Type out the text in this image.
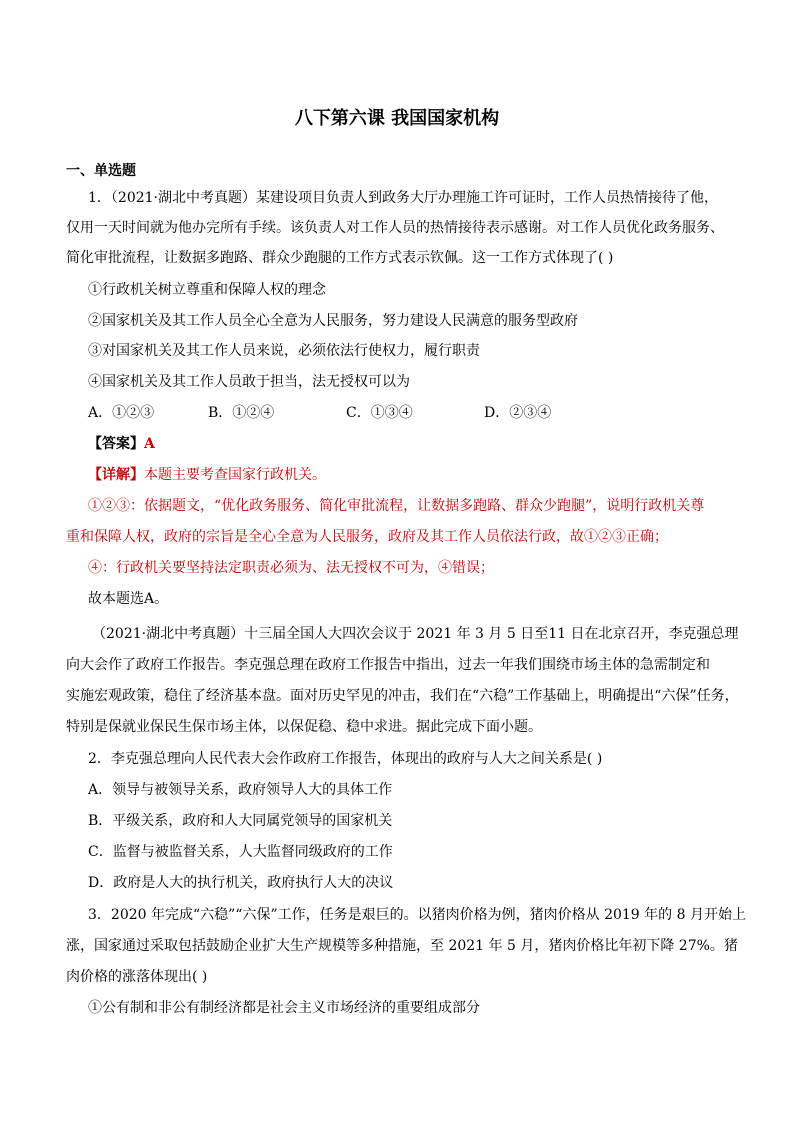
八下第六课 我国国家机构
一、单选题
1．（2021·湖北中考真题）某建设项目负责人到政务大厅办理施工许可证时，工作人员热情接待了他，
仅用一天时间就为他办完所有手续。该负责人对工作人员的热情接待表示感谢。对工作人员优化政务服务、
简化审批流程，让数据多跑路、群众少跑腿的工作方式表示钦佩。这一工作方式体现了( )
①行政机关树立尊重和保障人权的理念
②国家机关及其工作人员全心全意为人民服务，努力建设人民满意的服务型政府
③对国家机关及其工作人员来说，必须依法行使权力，履行职责
④国家机关及其工作人员敢于担当，法无授权可以为
A．①②③	B．①②④	C．①③④	D．②③④
【答案】A
【详解】本题主要考查国家行政机关。
①②③：依据题文，“优化政务服务、简化审批流程，让数据多跑路、群众少跑腿”，说明行政机关尊
重和保障人权，政府的宗旨是全心全意为人民服务，政府及其工作人员依法行政，故①②③正确；
④：行政机关要坚持法定职责必须为、法无授权不可为，④错误；
故本题选A。
（2021·湖北中考真题）十三届全国人大四次会议于 2021 年 3 月 5 日至11 日在北京召开，李克强总理
向大会作了政府工作报告。李克强总理在政府工作报告中指出，过去一年我们围绕市场主体的急需制定和
实施宏观政策，稳住了经济基本盘。面对历史罕见的冲击，我们在“六稳”工作基础上，明确提出“六保”任务，
特别是保就业保民生保市场主体，以保促稳、稳中求进。据此完成下面小题。
2．李克强总理向人民代表大会作政府工作报告，体现出的政府与人大之间关系是( )
A．领导与被领导关系，政府领导人大的具体工作
B．平级关系，政府和人大同属党领导的国家机关
C．监督与被监督关系，人大监督同级政府的工作
D．政府是人大的执行机关，政府执行人大的决议
3．2020 年完成“六稳”“六保”工作，任务是艰巨的。以猪肉价格为例，猪肉价格从 2019 年的 8 月开始上
涨，国家通过采取包括鼓励企业扩大生产规模等多种措施，至 2021 年 5 月，猪肉价格比年初下降 27%。猪
肉价格的涨落体现出( )
①公有制和非公有制经济都是社会主义市场经济的重要组成部分
